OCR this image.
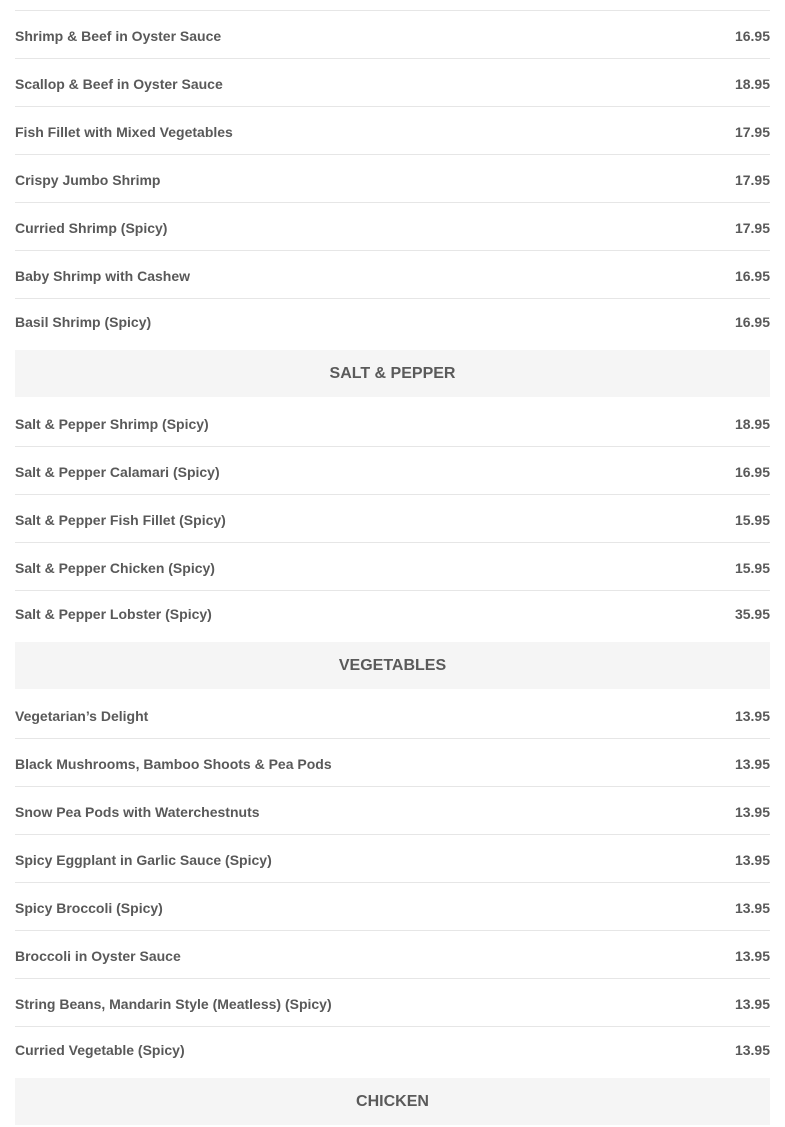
Shrimp & Beef in Oyster Sauce	16.95
Scallop & Beef in Oyster Sauce	18.95
Fish Fillet with Mixed Vegetables	17.95
Crispy Jumbo Shrimp	17.95
Curried Shrimp (Spicy)	17.95
Baby Shrimp with Cashew	16.95
Basil Shrimp (Spicy)	16.95
SALT & PEPPER
Salt & Pepper Shrimp (Spicy)	18.95
Salt & Pepper Calamari (Spicy)	16.95
Salt & Pepper Fish Fillet (Spicy)	15.95
Salt & Pepper Chicken (Spicy)	15.95
Salt & Pepper Lobster (Spicy)	35.95
VEGETABLES
Vegetarian’s Delight	13.95
Black Mushrooms, Bamboo Shoots & Pea Pods	13.95
Snow Pea Pods with Waterchestnuts	13.95
Spicy Eggplant in Garlic Sauce (Spicy)	13.95
Spicy Broccoli (Spicy)	13.95
Broccoli in Oyster Sauce	13.95
String Beans, Mandarin Style (Meatless) (Spicy)	13.95
Curried Vegetable (Spicy)	13.95
CHICKEN
